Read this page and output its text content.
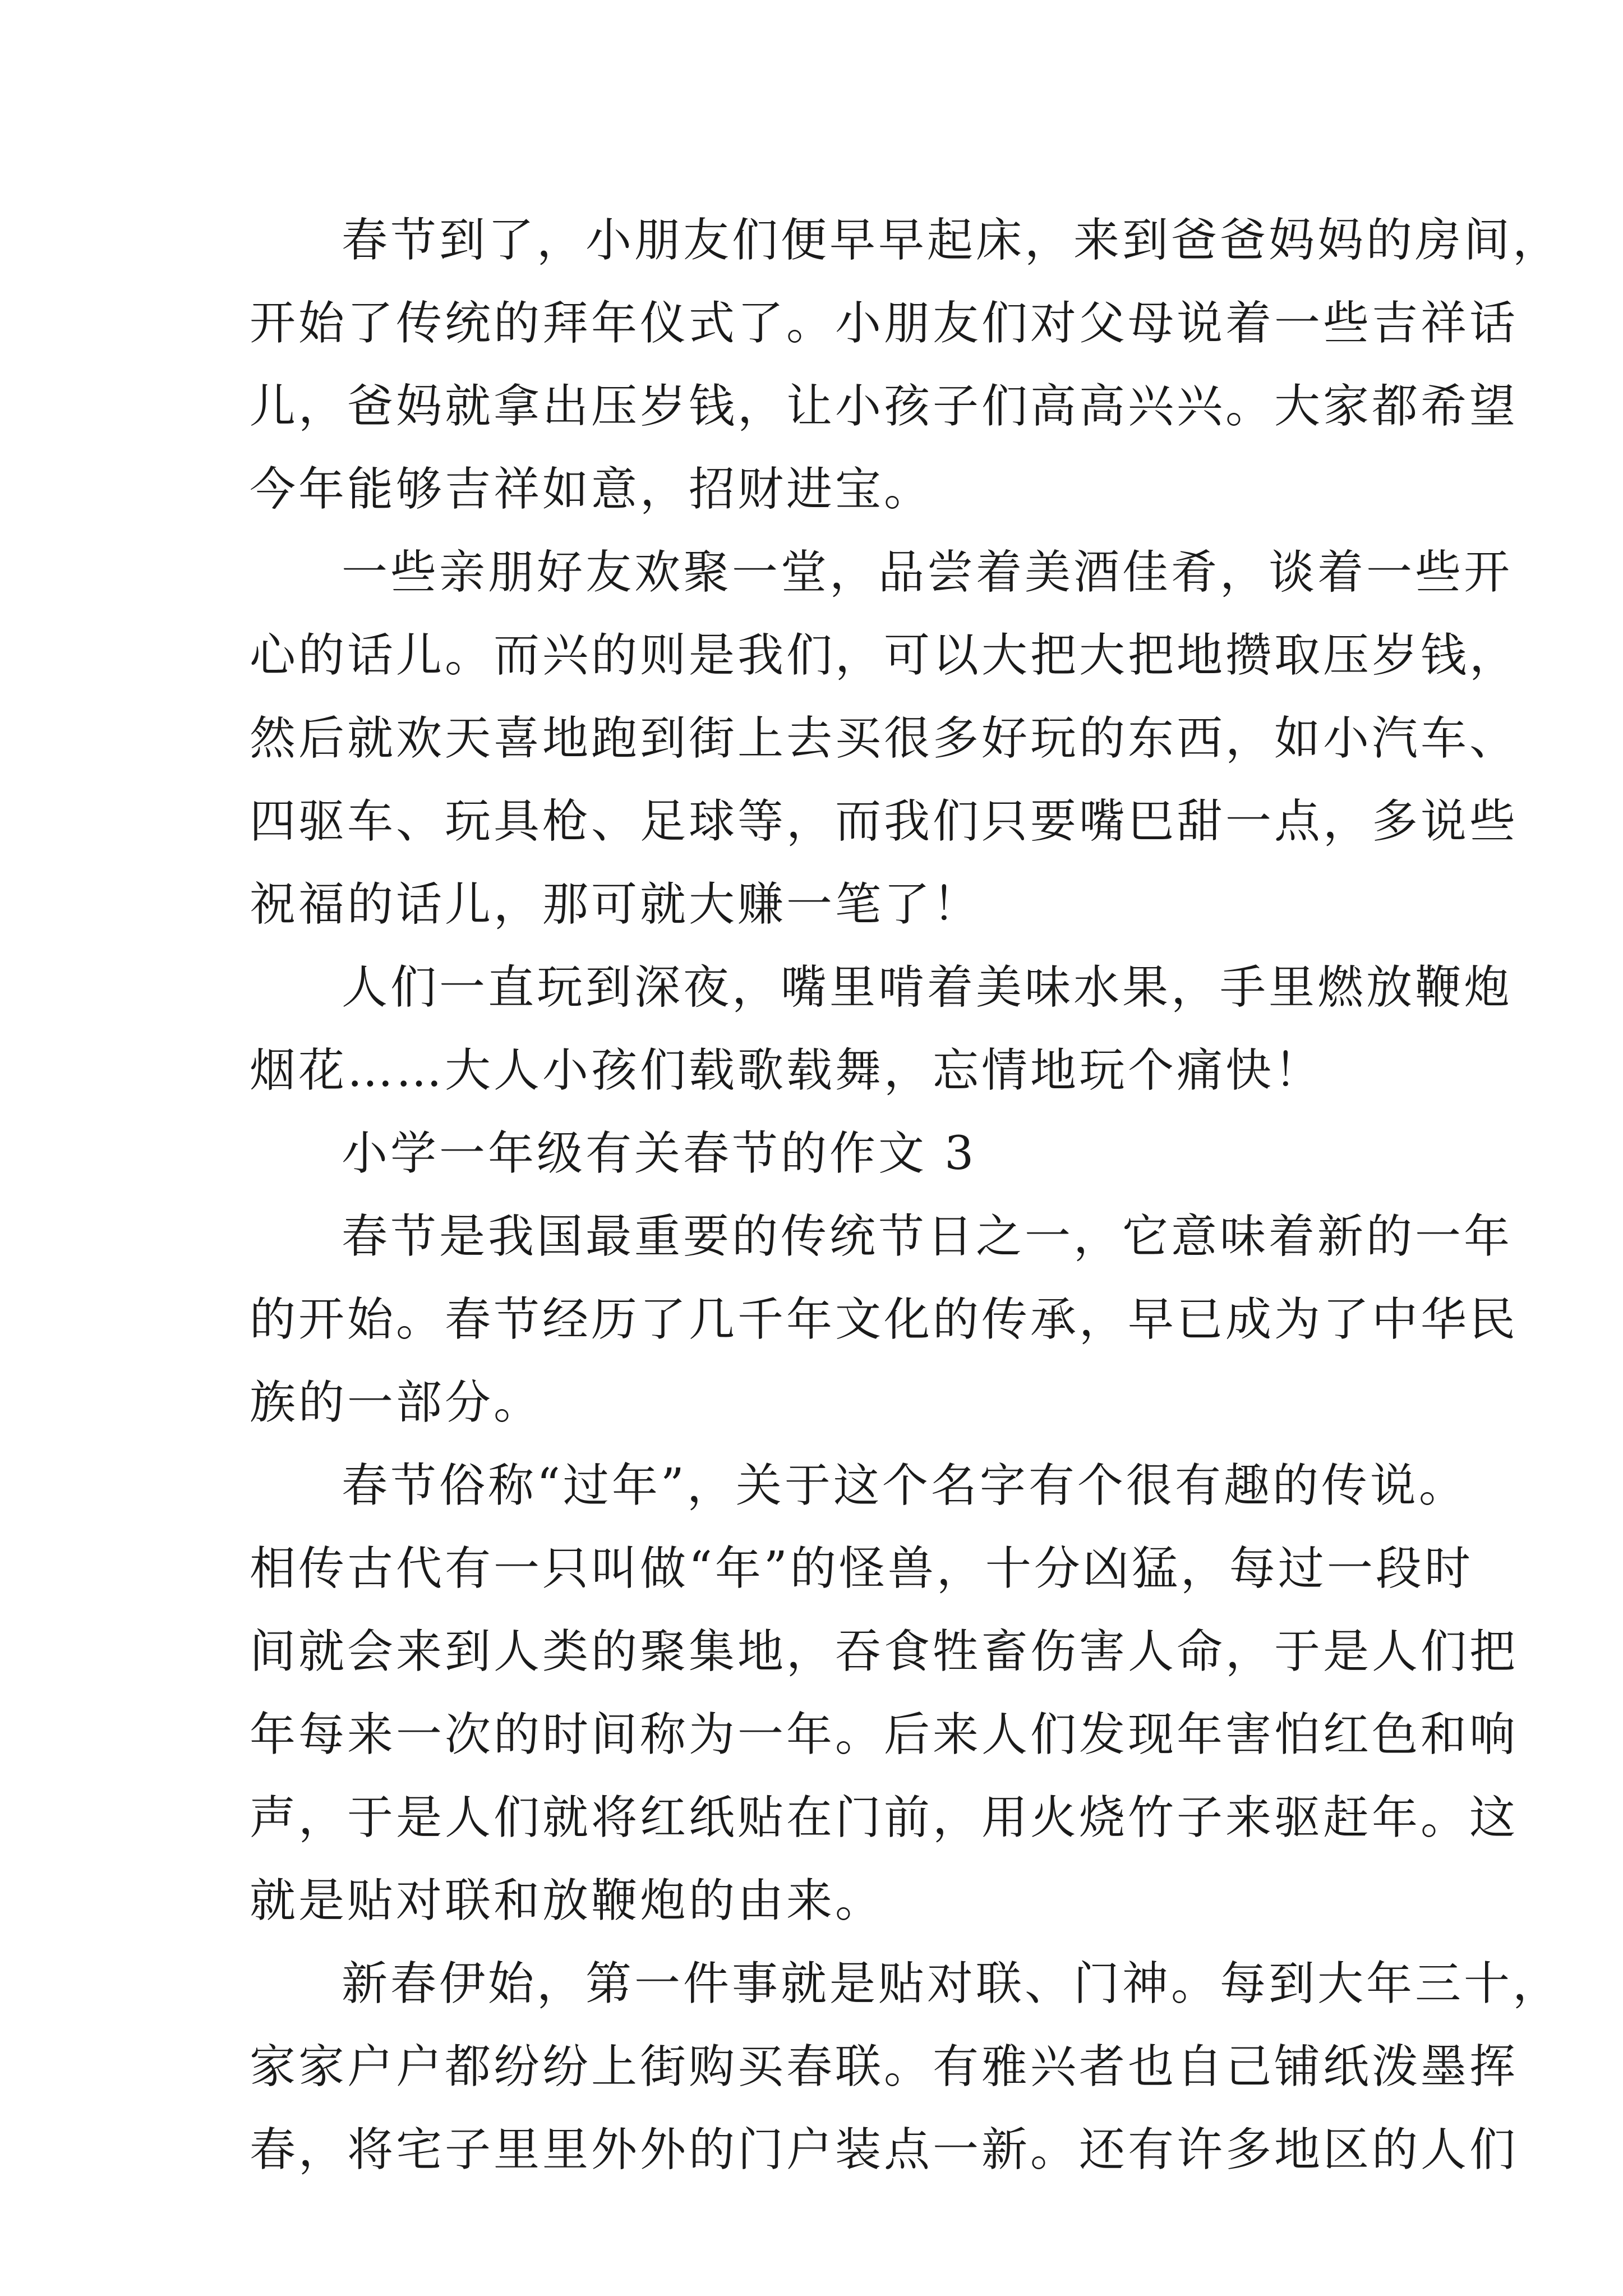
春节到了，小朋友们便早早起床，来到爸爸妈妈的房间，
开始了传统的拜年仪式了。小朋友们对父母说着一些吉祥话
儿，爸妈就拿出压岁钱，让小孩子们高高兴兴。大家都希望
今年能够吉祥如意，招财进宝。
一些亲朋好友欢聚一堂，品尝着美酒佳肴，谈着一些开
心的话儿。而兴的则是我们，可以大把大把地攒取压岁钱，
然后就欢天喜地跑到街上去买很多好玩的东西，如小汽车、
四驱车、玩具枪、足球等，而我们只要嘴巴甜一点，多说些
祝福的话儿，那可就大赚一笔了！
人们一直玩到深夜，嘴里啃着美味水果，手里燃放鞭炮
烟花……大人小孩们载歌载舞，忘情地玩个痛快！
小学一年级有关春节的作文 3
春节是我国最重要的传统节日之一，它意味着新的一年
的开始。春节经历了几千年文化的传承，早已成为了中华民
族的一部分。
春节俗称“过年”，关于这个名字有个很有趣的传说。
相传古代有一只叫做“年”的怪兽，十分凶猛，每过一段时
间就会来到人类的聚集地，吞食牲畜伤害人命，于是人们把
年每来一次的时间称为一年。后来人们发现年害怕红色和响
声，于是人们就将红纸贴在门前，用火烧竹子来驱赶年。这
就是贴对联和放鞭炮的由来。
新春伊始，第一件事就是贴对联、门神。每到大年三十，
家家户户都纷纷上街购买春联。有雅兴者也自己铺纸泼墨挥
春，将宅子里里外外的门户装点一新。还有许多地区的人们
